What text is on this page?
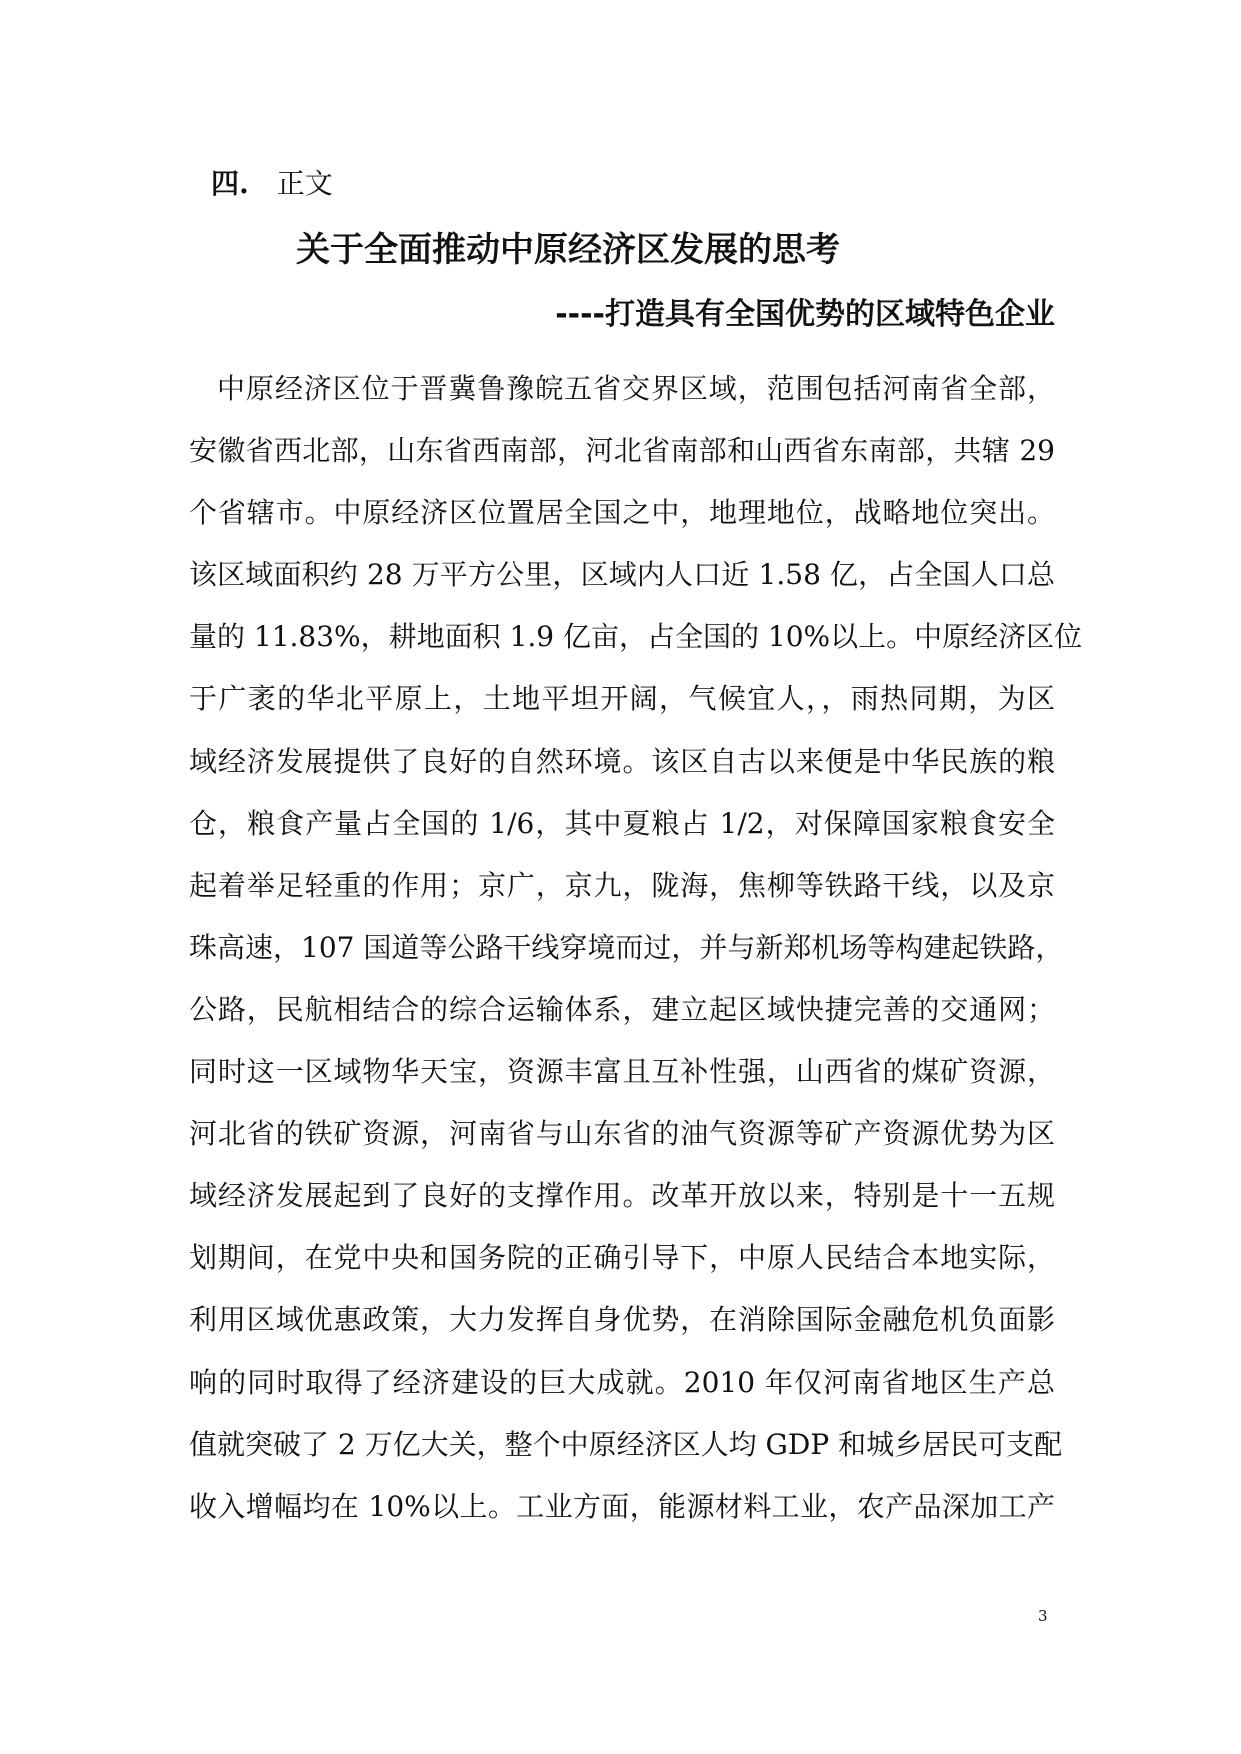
四. 正文
关于全面推动中原经济区发展的思考
----打造具有全国优势的区域特色企业

中原经济区位于晋冀鲁豫皖五省交界区域，范围包括河南省全部，
安徽省西北部，山东省西南部，河北省南部和山西省东南部，共辖 29
个省辖市。中原经济区位置居全国之中，地理地位，战略地位突出。
该区域面积约 28 万平方公里，区域内人口近 1.58 亿，占全国人口总
量的 11.83%，耕地面积 1.9 亿亩，占全国的 10%以上。中原经济区位
于广袤的华北平原上，土地平坦开阔，气候宜人，，雨热同期，为区
域经济发展提供了良好的自然环境。该区自古以来便是中华民族的粮
仓，粮食产量占全国的 1/6，其中夏粮占 1/2，对保障国家粮食安全
起着举足轻重的作用；京广，京九，陇海，焦柳等铁路干线，以及京
珠高速，107 国道等公路干线穿境而过，并与新郑机场等构建起铁路，
公路，民航相结合的综合运输体系，建立起区域快捷完善的交通网；
同时这一区域物华天宝，资源丰富且互补性强，山西省的煤矿资源，
河北省的铁矿资源，河南省与山东省的油气资源等矿产资源优势为区
域经济发展起到了良好的支撑作用。改革开放以来，特别是十一五规
划期间，在党中央和国务院的正确引导下，中原人民结合本地实际，
利用区域优惠政策，大力发挥自身优势，在消除国际金融危机负面影
响的同时取得了经济建设的巨大成就。2010 年仅河南省地区生产总
值就突破了 2 万亿大关，整个中原经济区人均 GDP 和城乡居民可支配
收入增幅均在 10%以上。工业方面，能源材料工业，农产品深加工产

3
